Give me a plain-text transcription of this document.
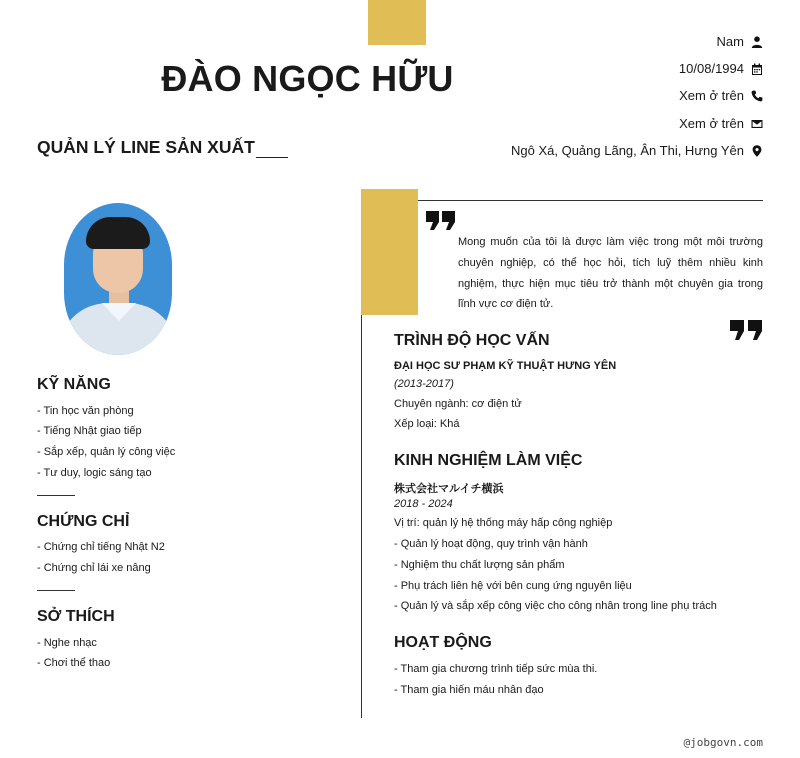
ĐÀO NGỌC HỮU
QUẢN LÝ LINE SẢN XUẤT
Nam
10/08/1994
Xem ở trên
Xem ở trên
Ngô Xá, Quảng Lãng, Ân Thi, Hưng Yên
KỸ NĂNG
- Tin học văn phòng
- Tiếng Nhật giao tiếp
- Sắp xếp, quản lý công việc
- Tư duy, logic sáng tạo
CHỨNG CHỈ
- Chứng chỉ tiếng Nhật N2
- Chứng chỉ lái xe nâng
SỞ THÍCH
- Nghe nhạc
- Chơi thể thao
Mong muốn của tôi là được làm việc trong một môi trường chuyên nghiệp, có thể học hỏi, tích luỹ thêm nhiều kinh nghiệm, thực hiện mục tiêu trở thành một chuyên gia trong lĩnh vực cơ điện tử.
TRÌNH ĐỘ HỌC VẤN
ĐẠI HỌC SƯ PHẠM KỸ THUẬT HƯNG YÊN
(2013-2017)
Chuyên ngành: cơ điện tử
Xếp loại: Khá
KINH NGHIỆM LÀM VIỆC
株式会社マルイチ横浜
2018 - 2024
Vị trí: quản lý hệ thống máy hấp công nghiệp
- Quản lý hoạt động, quy trình vận hành
- Nghiệm thu chất lượng sản phẩm
- Phụ trách liên hệ với bên cung ứng nguyên liệu
- Quản lý và sắp xếp công việc cho công nhân trong line phụ trách
HOẠT ĐỘNG
- Tham gia chương trình tiếp sức mùa thi.
- Tham gia hiến máu nhân đạo
@jobgovn.com
